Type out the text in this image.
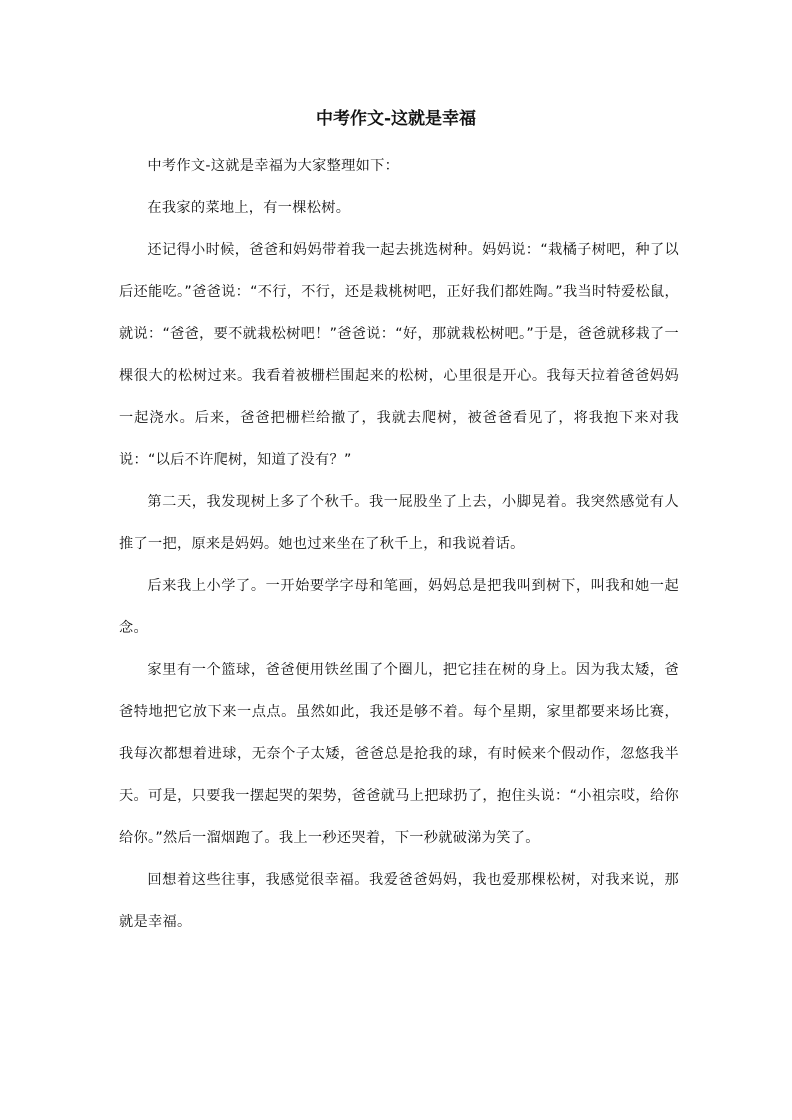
中考作文-这就是幸福

中考作文-这就是幸福为大家整理如下：

在我家的菜地上，有一棵松树。

还记得小时候，爸爸和妈妈带着我一起去挑选树种。妈妈说：“栽橘子树吧，种了以后还能吃。”爸爸说：“不行，不行，还是栽桃树吧，正好我们都姓陶。”我当时特爱松鼠，就说：“爸爸，要不就栽松树吧！”爸爸说：“好，那就栽松树吧。”于是，爸爸就移栽了一棵很大的松树过来。我看着被栅栏围起来的松树，心里很是开心。我每天拉着爸爸妈妈一起浇水。后来，爸爸把栅栏给撤了，我就去爬树，被爸爸看见了，将我抱下来对我说：“以后不许爬树，知道了没有？”

第二天，我发现树上多了个秋千。我一屁股坐了上去，小脚晃着。我突然感觉有人推了一把，原来是妈妈。她也过来坐在了秋千上，和我说着话。

后来我上小学了。一开始要学字母和笔画，妈妈总是把我叫到树下，叫我和她一起念。

家里有一个篮球，爸爸便用铁丝围了个圈儿，把它挂在树的身上。因为我太矮，爸爸特地把它放下来一点点。虽然如此，我还是够不着。每个星期，家里都要来场比赛，我每次都想着进球，无奈个子太矮，爸爸总是抢我的球，有时候来个假动作，忽悠我半天。可是，只要我一摆起哭的架势，爸爸就马上把球扔了，抱住头说：“小祖宗哎，给你给你。”然后一溜烟跑了。我上一秒还哭着，下一秒就破涕为笑了。

回想着这些往事，我感觉很幸福。我爱爸爸妈妈，我也爱那棵松树，对我来说，那就是幸福。
